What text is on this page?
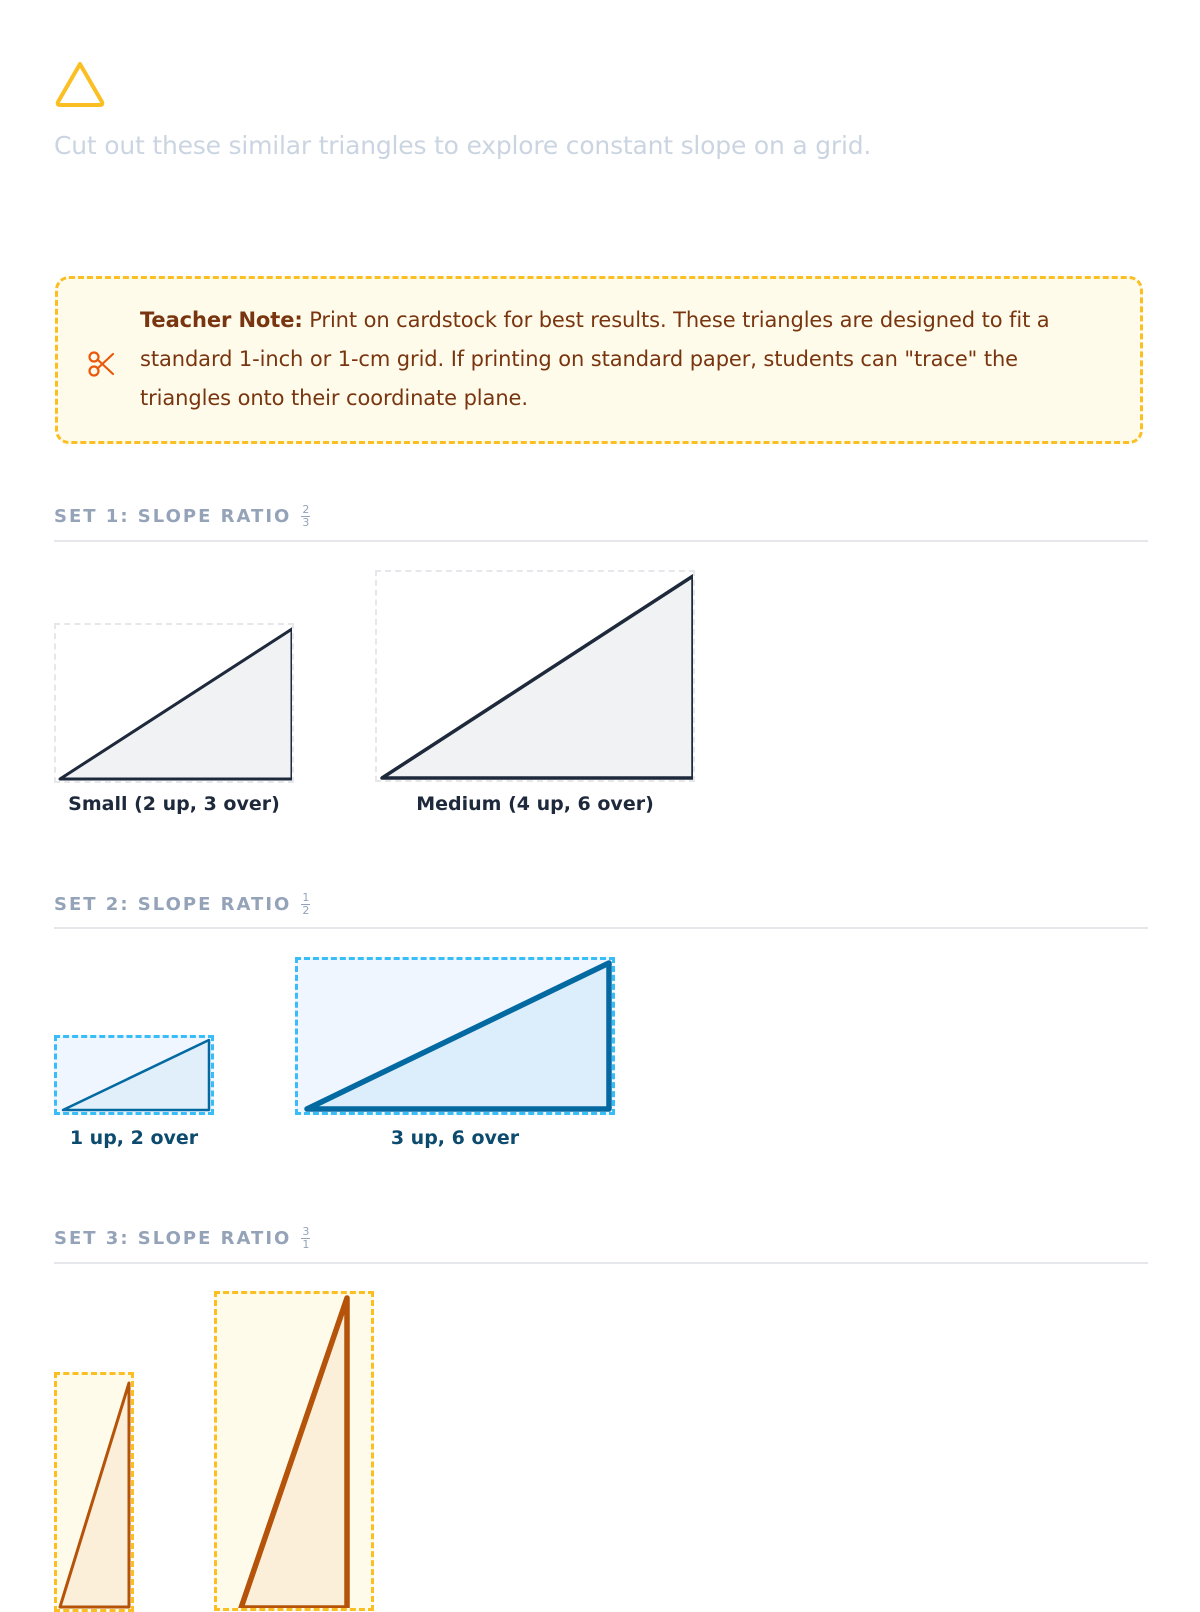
Cut out these similar triangles to explore constant slope on a grid.
Teacher Note: Print on cardstock for best results. These triangles are designed to fit a standard 1-inch or 1-cm grid. If printing on standard paper, students can "trace" the triangles onto their coordinate plane.
SET 1: SLOPE RATIO $\frac{2}{3}$
Small (2 up, 3 over)	Medium (4 up, 6 over)
SET 2: SLOPE RATIO $\frac{1}{2}$
1 up, 2 over	3 up, 6 over
SET 3: SLOPE RATIO $\frac{3}{1}$
